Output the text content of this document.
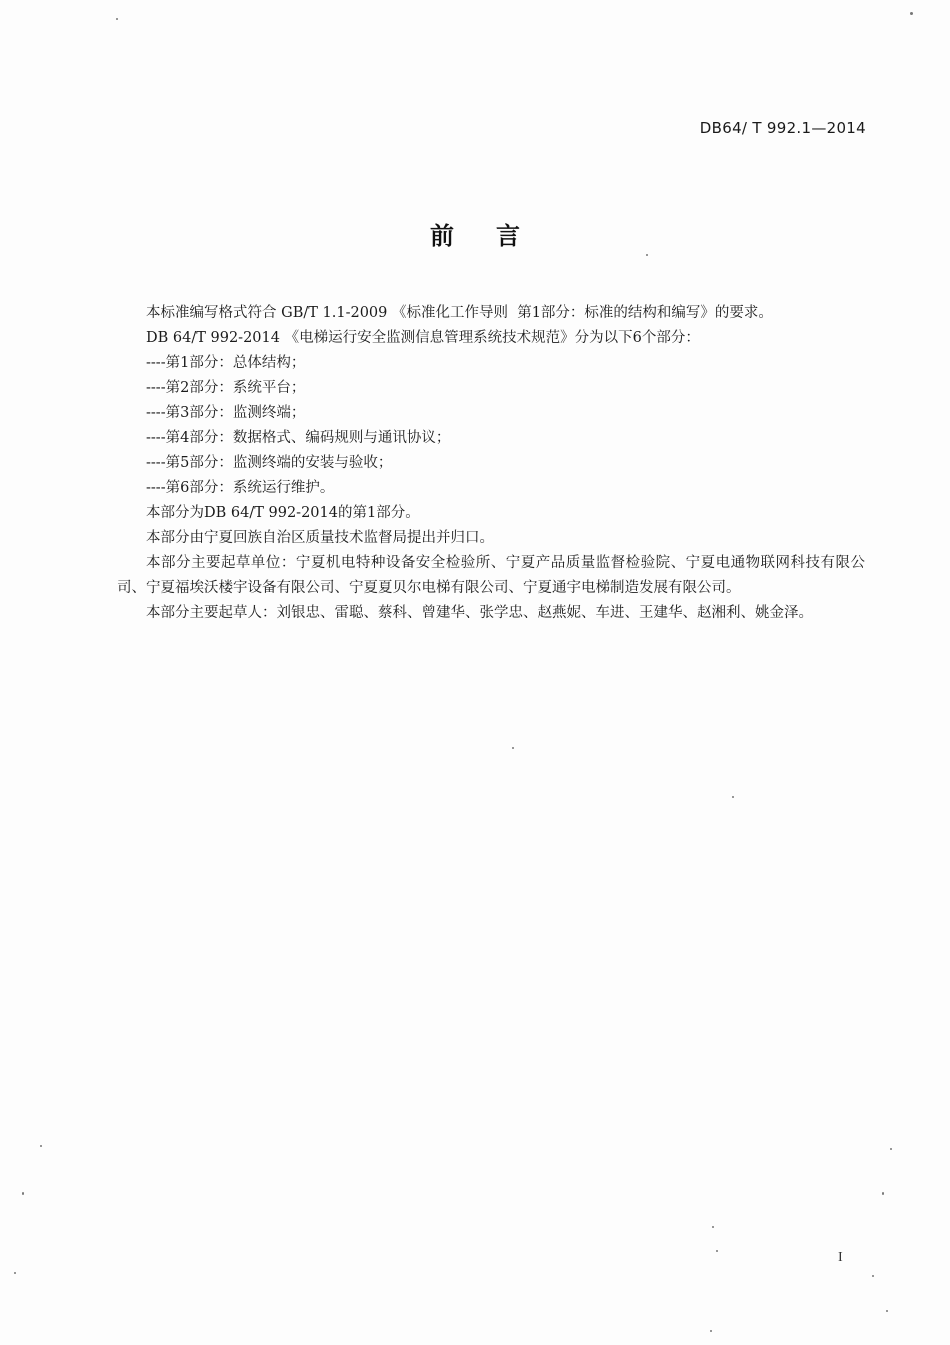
DB64/ T 992.1—2014
前言

本标准编写格式符合 GB/T 1.1-2009 《标准化工作导则  第1部分：标准的结构和编写》的要求。

DB 64/T 992-2014 《电梯运行安全监测信息管理系统技术规范》分为以下6个部分：

----第1部分：总体结构；

----第2部分：系统平台；

----第3部分：监测终端；

----第4部分：数据格式、编码规则与通讯协议；

----第5部分：监测终端的安装与验收；

----第6部分：系统运行维护。

本部分为DB 64/T 992-2014的第1部分。

本部分由宁夏回族自治区质量技术监督局提出并归口。

本部分主要起草单位：宁夏机电特种设备安全检验所、宁夏产品质量监督检验院、宁夏电通物联网科技有限公司、宁夏福埃沃楼宇设备有限公司、宁夏夏贝尔电梯有限公司、宁夏通宇电梯制造发展有限公司。

本部分主要起草人：刘银忠、雷聪、蔡科、曾建华、张学忠、赵燕妮、车进、王建华、赵湘利、姚金泽。

I
